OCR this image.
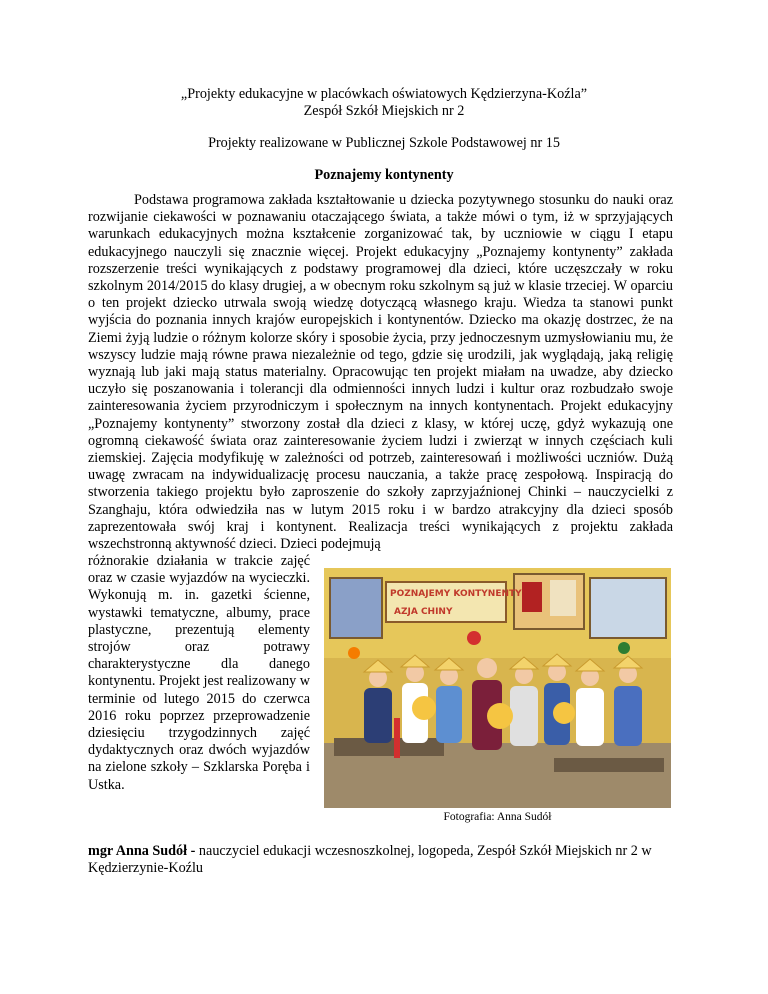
„Projekty edukacyjne w placówkach oświatowych Kędzierzyna-Koźla”
Zespół Szkół Miejskich nr 2
Projekty realizowane w Publicznej Szkole Podstawowej nr 15
Poznajemy kontynenty
Podstawa programowa zakłada kształtowanie u dziecka pozytywnego stosunku do nauki oraz rozwijanie ciekawości w poznawaniu otaczającego świata, a także mówi o tym, iż w sprzyjających warunkach edukacyjnych można kształcenie zorganizować tak, by uczniowie w ciągu I etapu edukacyjnego nauczyli się znacznie więcej. Projekt edukacyjny „Poznajemy kontynenty” zakłada rozszerzenie treści wynikających z podstawy programowej dla dzieci, które uczęszczały w roku szkolnym 2014/2015 do klasy drugiej, a w obecnym roku szkolnym są już w klasie trzeciej. W oparciu o ten projekt dziecko utrwala swoją wiedzę dotyczącą własnego kraju. Wiedza ta stanowi punkt wyjścia do poznania innych krajów europejskich i kontynentów. Dziecko ma okazję dostrzec, że na Ziemi żyją ludzie o różnym kolorze skóry i sposobie życia, przy jednoczesnym uzmysłowianiu mu, że wszyscy ludzie mają równe prawa niezależnie od tego, gdzie się urodzili, jak wyglądają, jaką religię wyznają lub jaki mają status materialny. Opracowując ten projekt miałam na uwadze, aby dziecko uczyło się poszanowania i tolerancji dla odmienności innych ludzi i kultur oraz rozbudzało swoje zainteresowania życiem przyrodniczym i społecznym na innych kontynentach. Projekt edukacyjny „Poznajemy kontynenty” stworzony został dla dzieci z klasy, w której uczę, gdyż wykazują one ogromną ciekawość świata oraz zainteresowanie życiem ludzi i zwierząt w innych częściach kuli ziemskiej. Zajęcia modyfikuję w zależności od potrzeb, zainteresowań i możliwości uczniów. Dużą uwagę zwracam na indywidualizację procesu nauczania, a także pracę zespołową. Inspiracją do stworzenia takiego projektu było zaproszenie do szkoły zaprzyjaźnionej Chinki – nauczycielki z Szanghaju, która odwiedziła nas w lutym 2015 roku i w bardzo atrakcyjny dla dzieci sposób zaprezentowała swój kraj i kontynent. Realizacja treści wynikających z projektu zakłada wszechstronną aktywność dzieci. Dzieci podejmują
różnorakie działania w trakcie zajęć oraz w czasie wyjazdów na wycieczki. Wykonują m. in. gazetki ścienne, wystawki tematyczne, albumy, prace plastyczne, prezentują elementy strojów oraz potrawy charakterystyczne dla danego kontynentu. Projekt jest realizowany w terminie od lutego 2015 do czerwca 2016 roku poprzez przeprowadzenie dziesięciu trzygodzinnych zajęć dydaktycznych oraz dwóch wyjazdów na zielone szkoły – Szklarska Poręba i Ustka.
POZNAJEMY KONTYNENTY
AZJA CHINY
Fotografia: Anna Sudół
mgr Anna Sudół - nauczyciel edukacji wczesnoszkolnej, logopeda, Zespół Szkół Miejskich nr 2 w Kędzierzynie-Koźlu
